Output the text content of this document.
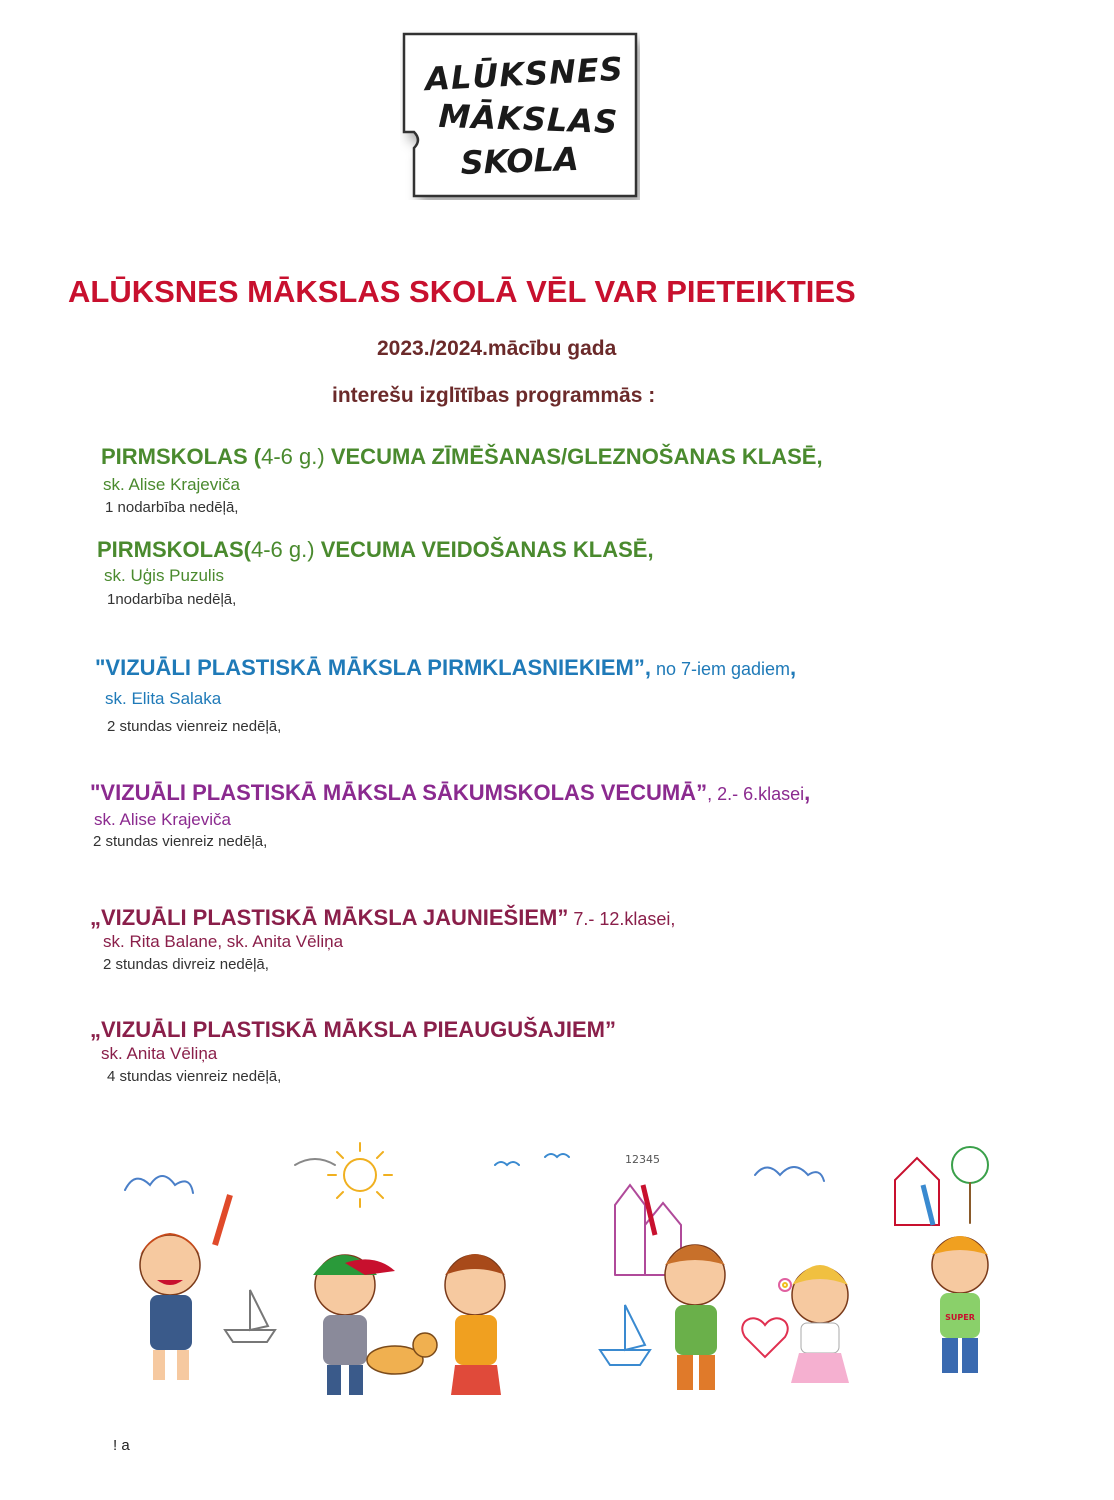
ALŪKSNES
MĀKSLAS
SKOLA
ALŪKSNES MĀKSLAS SKOLĀ VĒL VAR PIETEIKTIES
2023./2024.mācību gada
interešu izglītības programmās :
PIRMSKOLAS (4-6 g.) VECUMA ZĪMĒŠANAS/GLEZNOŠANAS KLASĒ,
sk. Alise Krajeviča
1 nodarbība nedēļā,
PIRMSKOLAS(4-6 g.) VECUMA VEIDOŠANAS KLASĒ,
sk. Uģis Puzulis
1nodarbība nedēļā,
"VIZUĀLI PLASTISKĀ MĀKSLA PIRMKLASNIEKIEM”, no 7-iem gadiem,
sk. Elita Salaka
2 stundas vienreiz nedēļā,
"VIZUĀLI PLASTISKĀ MĀKSLA SĀKUMSKOLAS VECUMĀ”, 2.- 6.klasei,
sk. Alise Krajeviča
2 stundas vienreiz nedēļā,
„VIZUĀLI PLASTISKĀ MĀKSLA JAUNIEŠIEM” 7.- 12.klasei,
sk. Rita Balane, sk. Anita Vēliņa
2 stundas divreiz nedēļā,
„VIZUĀLI PLASTISKĀ MĀKSLA PIEAUGUŠAJIEM”
sk. Anita Vēliņa
4 stundas vienreiz nedēļā,
12345
SUPER
! a
